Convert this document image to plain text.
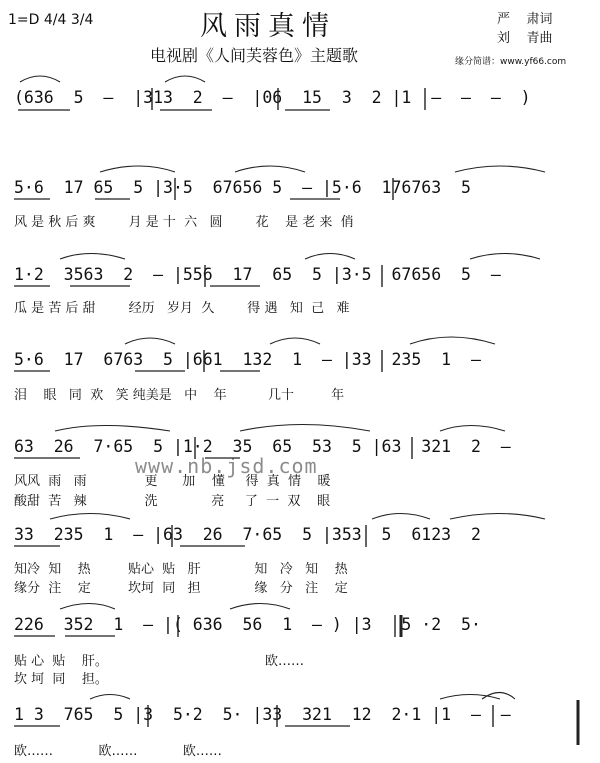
1=D 4/4 3/4	风雨真情
电视剧《人间芙蓉色》主题歌
严    肃词
刘    青曲
缘分简谱：www.yf66.com
(636  5  –  |313  2  –  |06  15  3  2 |1  –  –  –  )
5·6  17 65  5 |3·5  67656 5  – |5·6  176763  5
风 是 秋 后 爽        月 是 十  六   圆        花    是 老 来  俏
1·2  3563  2  – |556  17  65  5 |3·5  67656  5  –
瓜 是 苦 后 甜        经历   岁月  久        得 遇   知  己   难
5·6  17  6763  5 |661  132  1  – |33  235  1  –
泪    眼   同  欢   笑 纯美是   中    年          几十         年
63  26  7·65  5 |1·2  35  65  53  5 |63  321  2  –
风风  雨   雨              更      加    懂     得  真  情    暖
酸甜  苦   辣              洗             亮     了  一  双    眼
33  235  1  – |63  26  7·65  5 |353  5  6123  2
知冷  知    热         贴心  贴   肝             知   冷   知    热
缘分  注    定         坎坷  同   担             缘   分   注    定
226  352  1  – |( 636  56  1  – ) |3   5 ·2  5·
贴 心  贴    肝。                                      欧……
坎 坷  同    担。
1 3  765  5 |3  5·2  5· |33  321  12  2·1 |1  –  –
欧……           欧……           欧……
www.nb.jsd.com
